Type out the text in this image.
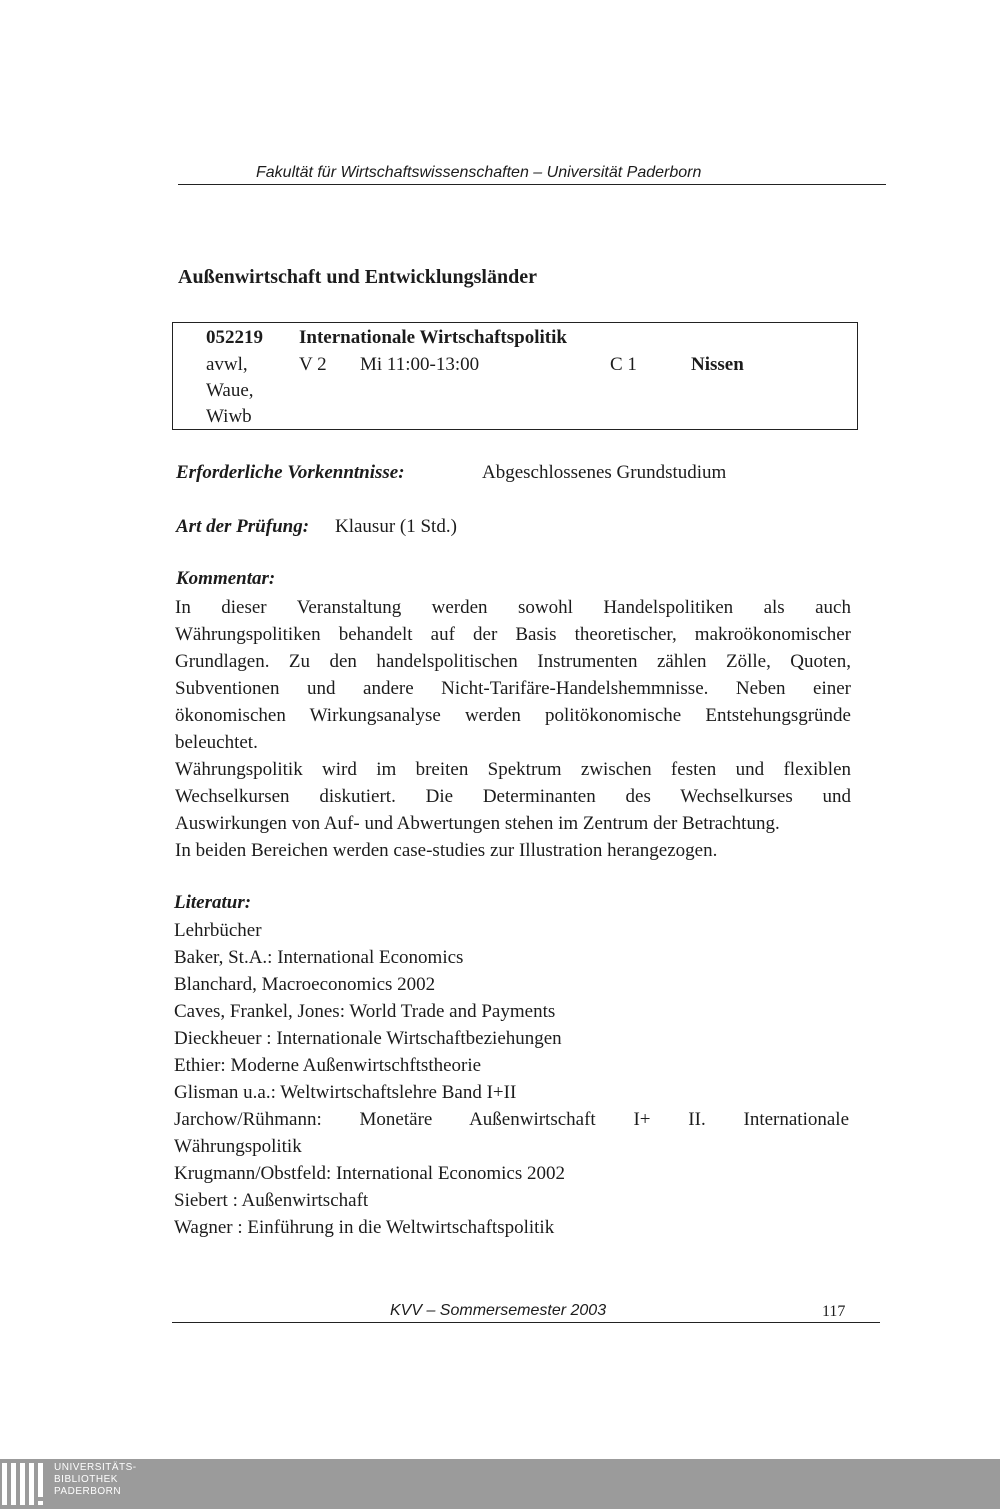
Fakultät für Wirtschaftswissenschaften – Universität Paderborn
Außenwirtschaft und Entwicklungsländer
052219 Internationale Wirtschaftspolitik
avwl,	V 2 Mi 11:00-13:00	C 1	Nissen
Waue,
Wiwb
Erforderliche Vorkenntnisse:	Abgeschlossenes Grundstudium
Art der Prüfung: Klausur (1 Std.)
Kommentar:
In dieser Veranstaltung werden sowohl Handelspolitiken als auch
Währungspolitiken behandelt auf der Basis theoretischer, makroökonomischer
Grundlagen. Zu den handelspolitischen Instrumenten zählen Zölle, Quoten,
Subventionen und andere Nicht-Tarifäre-Handelshemmnisse. Neben einer
ökonomischen Wirkungsanalyse werden politökonomische Entstehungsgründe
beleuchtet.
Währungspolitik wird im breiten Spektrum zwischen festen und flexiblen
Wechselkursen diskutiert. Die Determinanten des Wechselkurses und
Auswirkungen von Auf- und Abwertungen stehen im Zentrum der Betrachtung.
In beiden Bereichen werden case-studies zur Illustration herangezogen.
Literatur:
Lehrbücher
Baker, St.A.: International Economics
Blanchard, Macroeconomics 2002
Caves, Frankel, Jones: World Trade and Payments
Dieckheuer : Internationale Wirtschaftbeziehungen
Ethier: Moderne Außenwirtschftstheorie
Glisman u.a.: Weltwirtschaftslehre Band I+II
Jarchow/Rühmann: Monetäre Außenwirtschaft I+ II. Internationale
Währungspolitik
Krugmann/Obstfeld: International Economics 2002
Siebert : Außenwirtschaft
Wagner : Einführung in die Weltwirtschaftspolitik
KVV – Sommersemester 2003	117
UNIVERSITÄTS-
BIBLIOTHEK
PADERBORN
